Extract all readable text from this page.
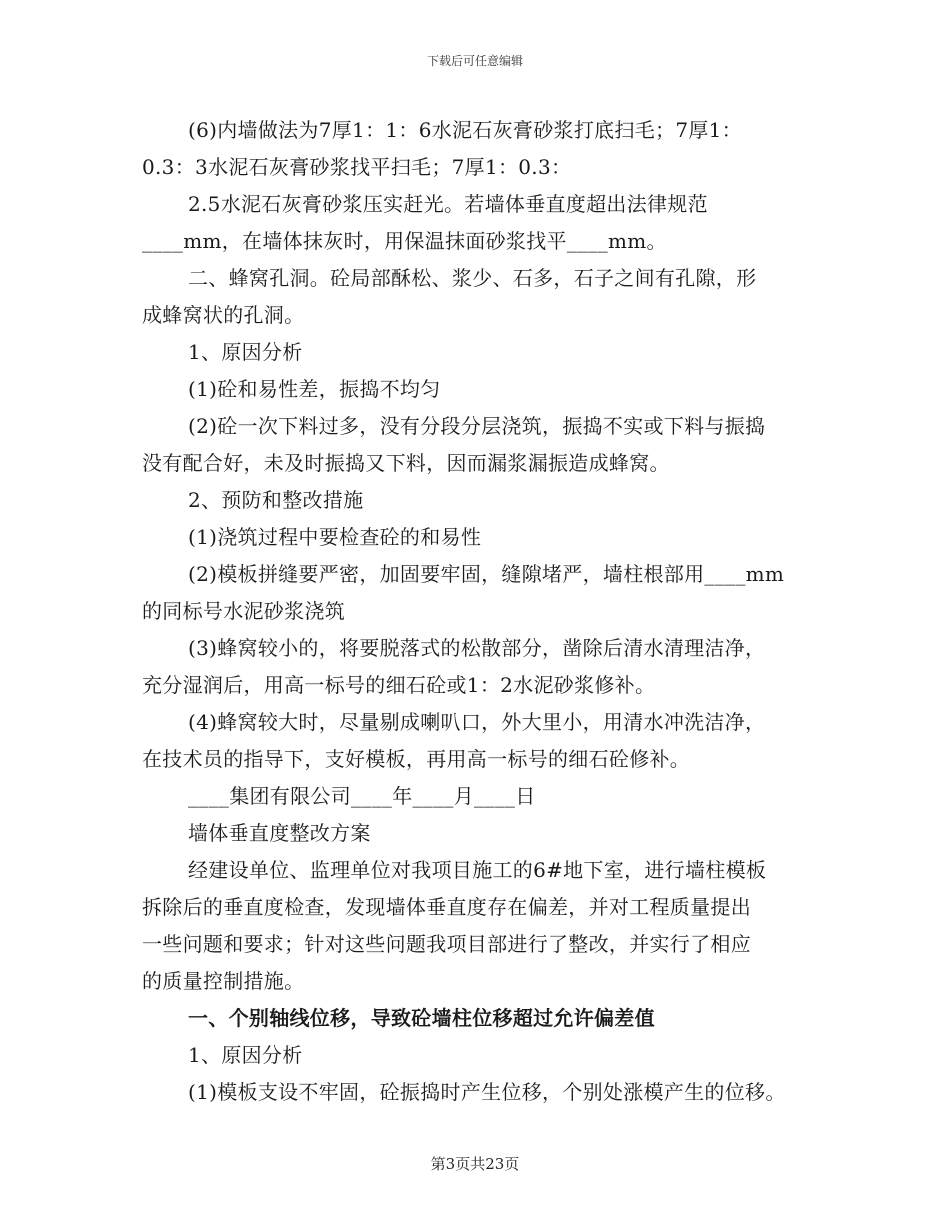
下载后可任意编辑
(6)内墙做法为7厚1：1：6水泥石灰膏砂浆打底扫毛；7厚1：
0.3：3水泥石灰膏砂浆找平扫毛；7厚1：0.3：
2.5水泥石灰膏砂浆压实赶光。若墙体垂直度超出法律规范
____mm，在墙体抹灰时，用保温抹面砂浆找平____mm。
二、蜂窝孔洞。砼局部酥松、浆少、石多，石子之间有孔隙，形
成蜂窝状的孔洞。
1、原因分析
(1)砼和易性差，振捣不均匀
(2)砼一次下料过多，没有分段分层浇筑，振捣不实或下料与振捣
没有配合好，未及时振捣又下料，因而漏浆漏振造成蜂窝。
2、预防和整改措施
(1)浇筑过程中要检查砼的和易性
(2)模板拼缝要严密，加固要牢固，缝隙堵严，墙柱根部用____mm
的同标号水泥砂浆浇筑
(3)蜂窝较小的，将要脱落式的松散部分，凿除后清水清理洁净，
充分湿润后，用高一标号的细石砼或1：2水泥砂浆修补。
(4)蜂窝较大时，尽量剔成喇叭口，外大里小，用清水冲洗洁净，
在技术员的指导下，支好模板，再用高一标号的细石砼修补。
____集团有限公司____年____月____日
墙体垂直度整改方案
经建设单位、监理单位对我项目施工的6#地下室，进行墙柱模板
拆除后的垂直度检查，发现墙体垂直度存在偏差，并对工程质量提出
一些问题和要求；针对这些问题我项目部进行了整改，并实行了相应
的质量控制措施。
一、个别轴线位移，导致砼墙柱位移超过允许偏差值
1、原因分析
(1)模板支设不牢固，砼振捣时产生位移，个别处涨模产生的位移。
第3页共23页
